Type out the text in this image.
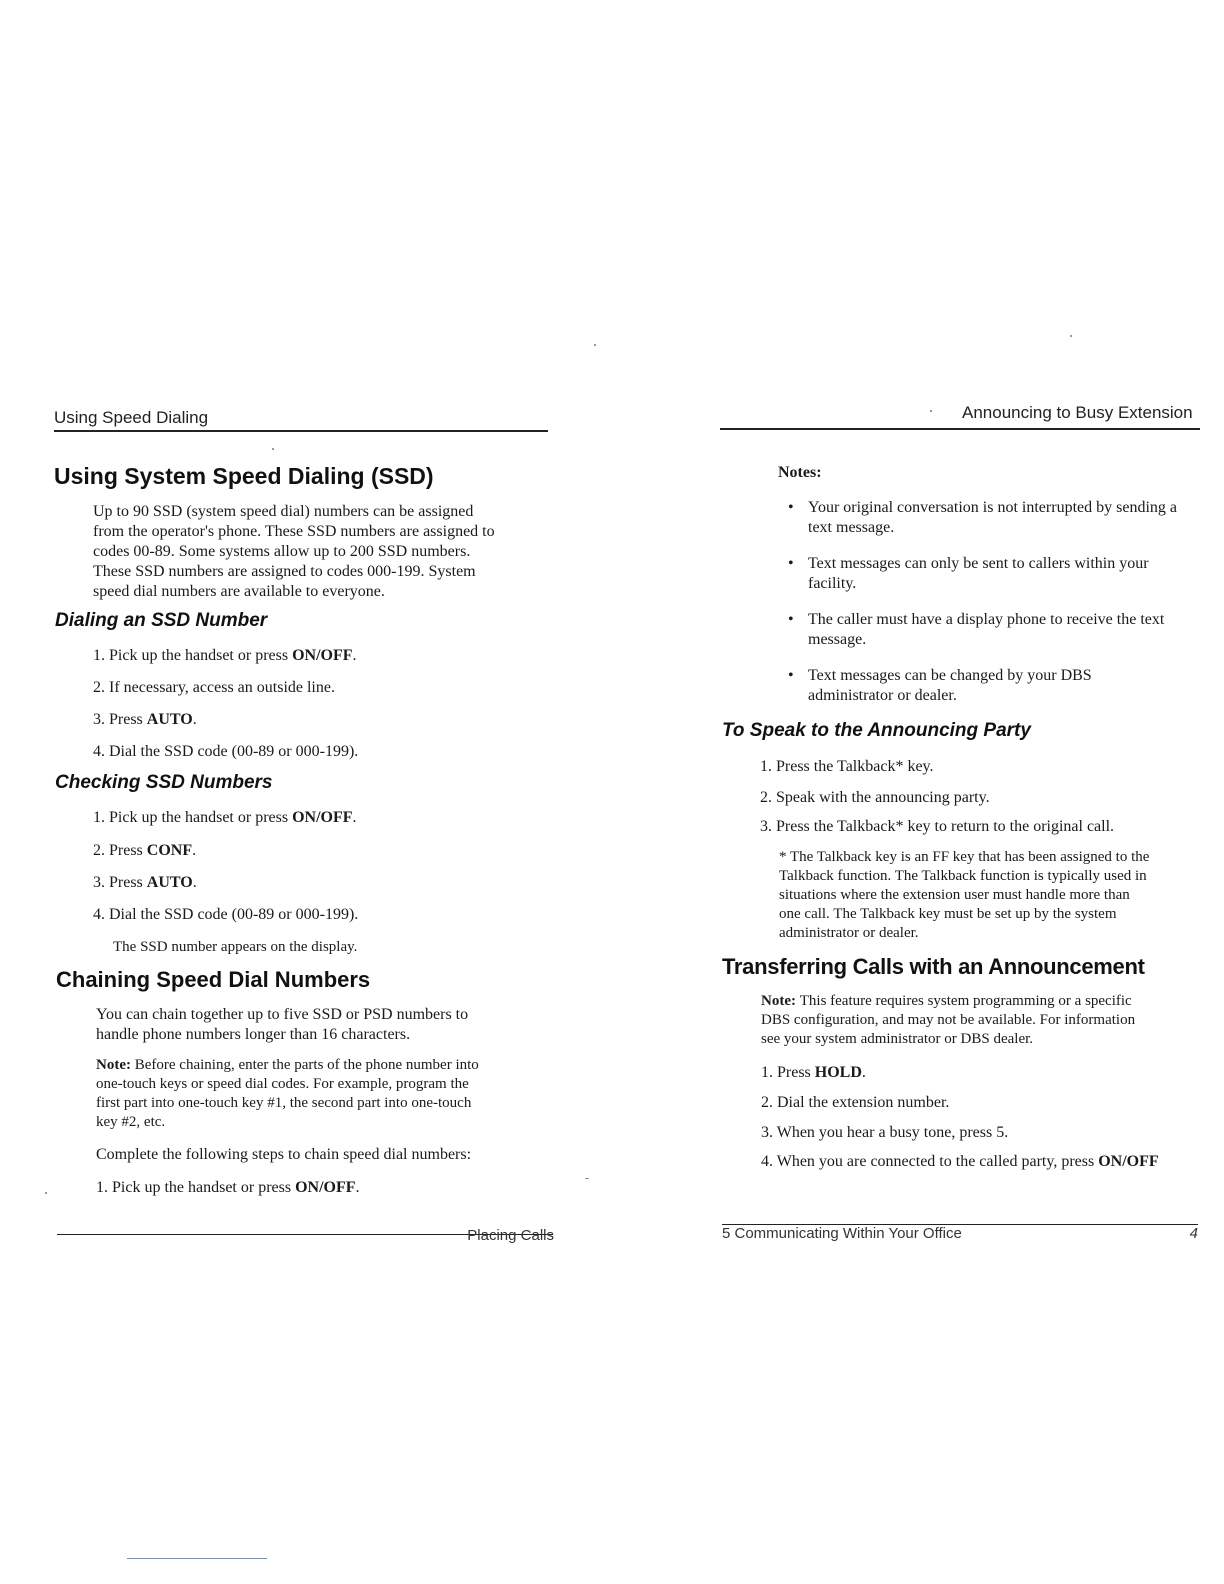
Using Speed Dialing
Using System Speed Dialing (SSD)
Up to 90 SSD (system speed dial) numbers can be assigned
from the operator's phone. These SSD numbers are assigned to
codes 00-89. Some systems allow up to 200 SSD numbers.
These SSD numbers are assigned to codes 000-199. System
speed dial numbers are available to everyone.
Dialing an SSD Number
1. Pick up the handset or press ON/OFF.
2. If necessary, access an outside line.
3. Press AUTO.
4. Dial the SSD code (00-89 or 000-199).
Checking SSD Numbers
1. Pick up the handset or press ON/OFF.
2. Press CONF.
3. Press AUTO.
4. Dial the SSD code (00-89 or 000-199).
The SSD number appears on the display.
Chaining Speed Dial Numbers
You can chain together up to five SSD or PSD numbers to
handle phone numbers longer than 16 characters.
Note: Before chaining, enter the parts of the phone number into
one-touch keys or speed dial codes. For example, program the
first part into one-touch key #1, the second part into one-touch
key #2, etc.
Complete the following steps to chain speed dial numbers:
1. Pick up the handset or press ON/OFF.
Placing Calls
Announcing to Busy Extension
Notes:
• Your original conversation is not interrupted by sending a
text message.
• Text messages can only be sent to callers within your
facility.
• The caller must have a display phone to receive the text
message.
• Text messages can be changed by your DBS
administrator or dealer.
To Speak to the Announcing Party
1. Press the Talkback* key.
2. Speak with the announcing party.
3. Press the Talkback* key to return to the original call.
* The Talkback key is an FF key that has been assigned to the
Talkback function. The Talkback function is typically used in
situations where the extension user must handle more than
one call. The Talkback key must be set up by the system
administrator or dealer.
Transferring Calls with an Announcement
Note: This feature requires system programming or a specific
DBS configuration, and may not be available. For information
see your system administrator or DBS dealer.
1. Press HOLD.
2. Dial the extension number.
3. When you hear a busy tone, press 5.
4. When you are connected to the called party, press ON/OFF
5 Communicating Within Your Office	4
